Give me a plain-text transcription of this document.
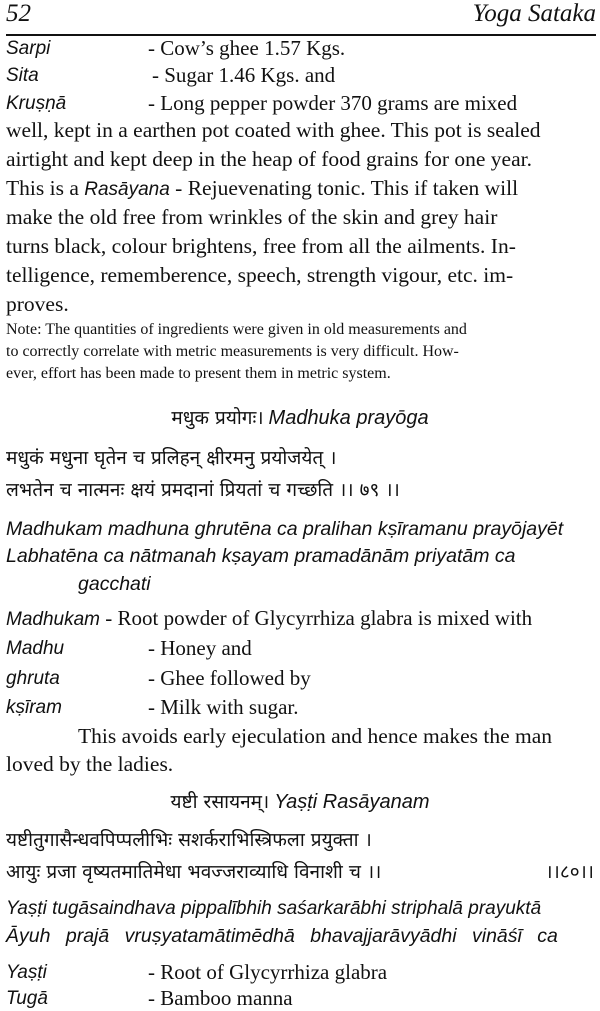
52	Yoga Sataka
Sarpi	- Cow’s ghee 1.57 Kgs.
Sita	- Sugar 1.46 Kgs. and
Kruṣṇā	- Long pepper powder 370 grams are mixed
well, kept in a earthen pot coated with ghee. This pot is sealed
airtight and kept deep in the heap of food grains for one year.
This is a Rasāyana - Rejuevenating tonic. This if taken will
make the old free from wrinkles of the skin and grey hair
turns black, colour brightens, free from all the ailments. In-
telligence, rememberence, speech, strength vigour, etc. im-
proves.
Note: The quantities of ingredients were given in old measurements and
to correctly correlate with metric measurements is very difficult. How-
ever, effort has been made to present them in metric system.
मधुक प्रयोगः। Madhuka prayōga
मधुकं मधुना घृतेन च प्रलिहन् क्षीरमनु प्रयोजयेत् ।
लभतेन च नात्मनः क्षयं प्रमदानां प्रियतां च गच्छति ।। ७९ ।।
Madhukam madhuna ghrutēna ca pralihan kṣīramanu prayōjayēt
Labhatēna ca nātmanah kṣayam pramadānām priyatām ca
gacchati
Madhukam - Root powder of Glycyrrhiza glabra is mixed with
Madhu	- Honey and
ghruta	- Ghee followed by
kṣīram	- Milk with sugar.
This avoids early ejeculation and hence makes the man
loved by the ladies.
यष्टी रसायनम्। Yaṣṭi Rasāyanam
यष्टीतुगासैन्धवपिप्पलीभिः सशर्कराभिस्त्रिफला प्रयुक्ता ।
आयुः प्रजा वृष्यतमातिमेधा भवज्जराव्याधि विनाशी च ।।	।।८०।।
Yaṣṭi tugāsaindhava pippalībhih saśarkarābhi striphalā prayuktā
Āyuh prajā vruṣyatamātimēdhā bhavajjarāvyādhi vināśī ca
Yaṣṭi	- Root of Glycyrrhiza glabra
Tugā	- Bamboo manna
